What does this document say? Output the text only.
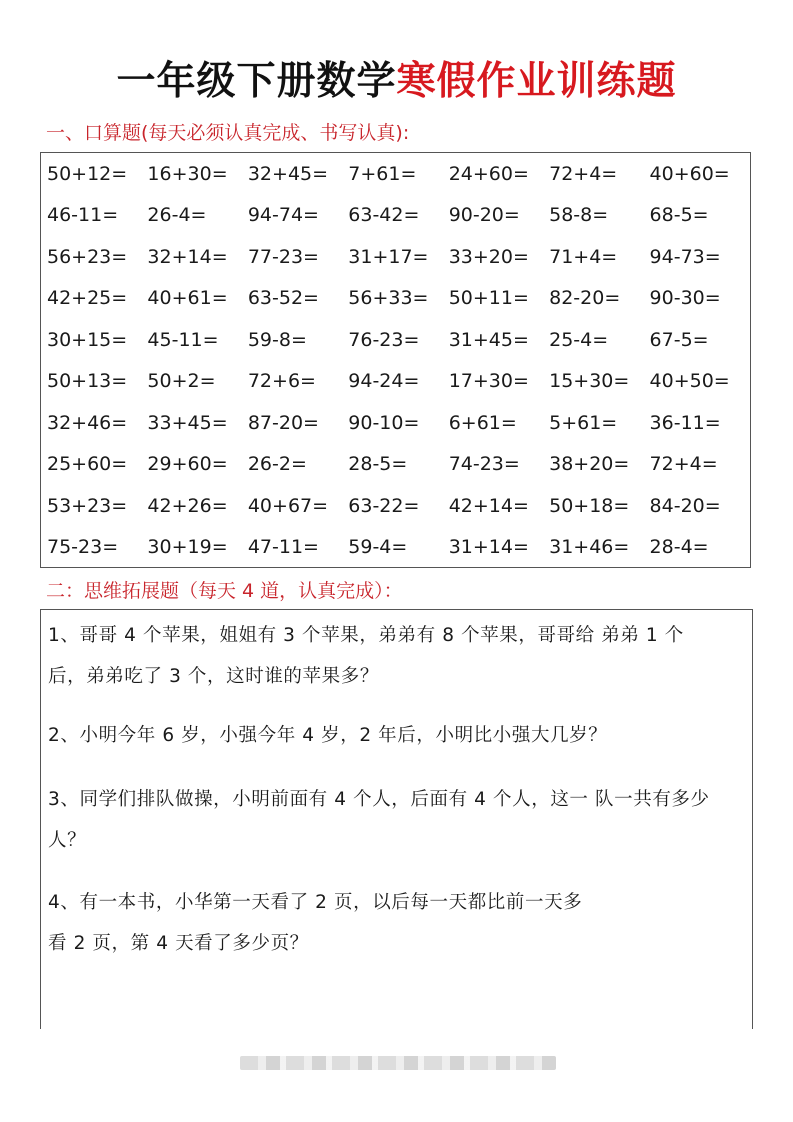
一年级下册数学寒假作业训练题
一、口算题(每天必须认真完成、书写认真):
50+12=	16+30=	32+45=	7+61=	24+60=	72+4=	40+60=
46-11=	26-4=	94-74=	63-42=	90-20=	58-8=	68-5=
56+23=	32+14=	77-23=	31+17=	33+20=	71+4=	94-73=
42+25=	40+61=	63-52=	56+33=	50+11=	82-20=	90-30=
30+15=	45-11=	59-8=	76-23=	31+45=	25-4=	67-5=
50+13=	50+2=	72+6=	94-24=	17+30=	15+30=	40+50=
32+46=	33+45=	87-20=	90-10=	6+61=	5+61=	36-11=
25+60=	29+60=	26-2=	28-5=	74-23=	38+20=	72+4=
53+23=	42+26=	40+67=	63-22=	42+14=	50+18=	84-20=
75-23=	30+19=	47-11=	59-4=	31+14=	31+46=	28-4=
二：思维拓展题（每天 4 道，认真完成）：
1、哥哥 4 个苹果，姐姐有 3 个苹果，弟弟有 8 个苹果，哥哥给 弟弟 1 个
后，弟弟吃了 3 个，这时谁的苹果多？
2、小明今年 6 岁，小强今年 4 岁，2 年后，小明比小强大几岁？
3、同学们排队做操，小明前面有 4 个人，后面有 4 个人，这一 队一共有多少
人？
4、有一本书，小华第一天看了 2 页，以后每一天都比前一天多
看 2 页，第 4 天看了多少页？
